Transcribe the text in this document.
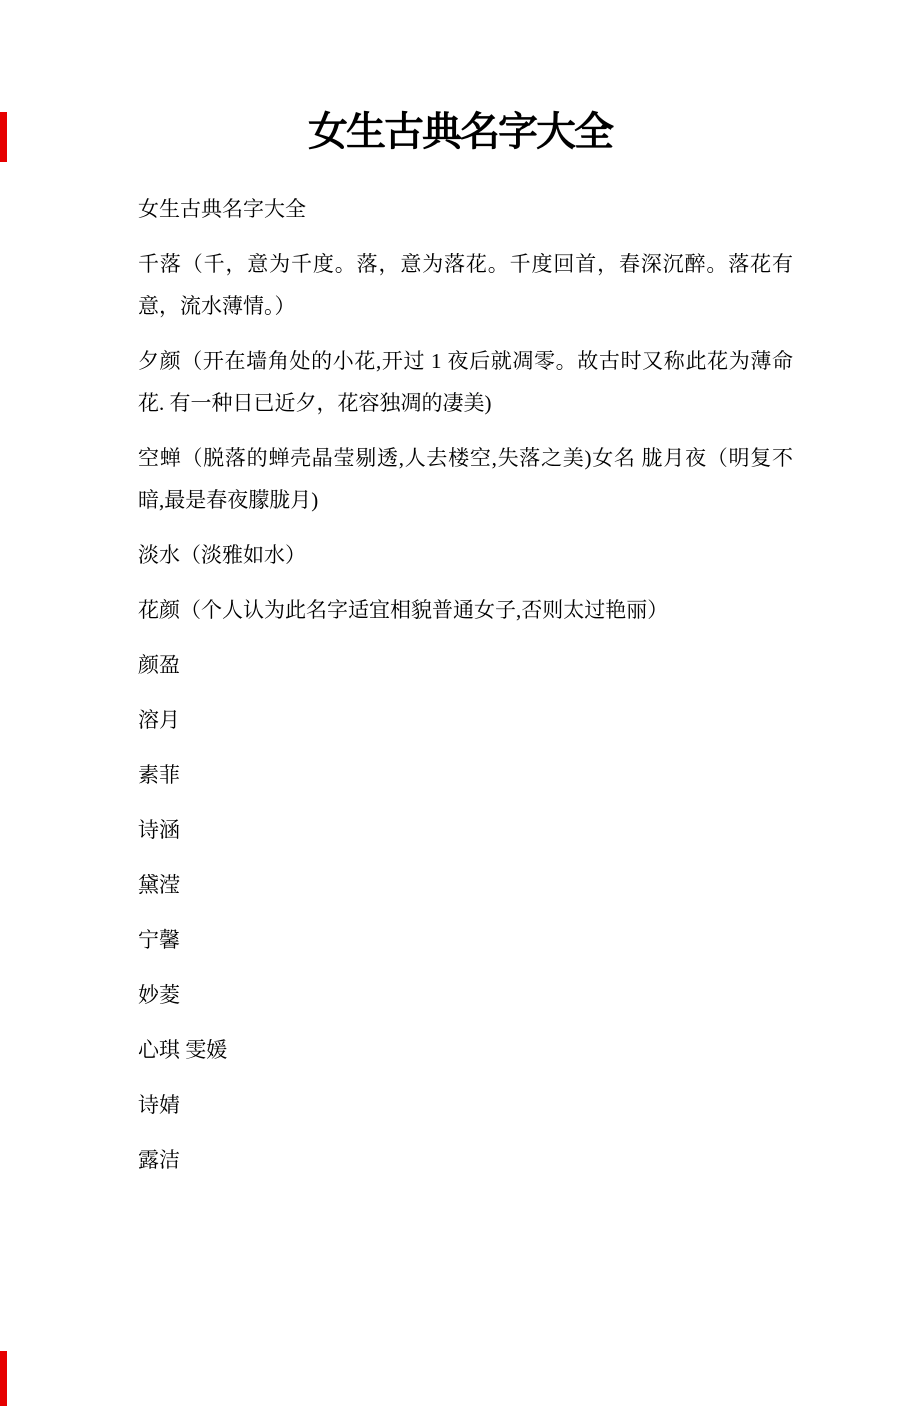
女生古典名字大全

女生古典名字大全

千落（千，意为千度。落，意为落花。千度回首，春深沉醉。落花有意，流水薄情。）

夕颜（开在墙角处的小花,开过 1 夜后就凋零。故古时又称此花为薄命花. 有一种日已近夕，花容独凋的凄美)

空蝉（脱落的蝉壳晶莹剔透,人去楼空,失落之美)女名 胧月夜（明复不暗,最是春夜朦胧月)

淡水（淡雅如水）

花颜（个人认为此名字适宜相貌普通女子,否则太过艳丽）

颜盈

溶月

素菲

诗涵

黛滢

宁馨

妙菱

心琪 雯媛

诗婧

露洁
